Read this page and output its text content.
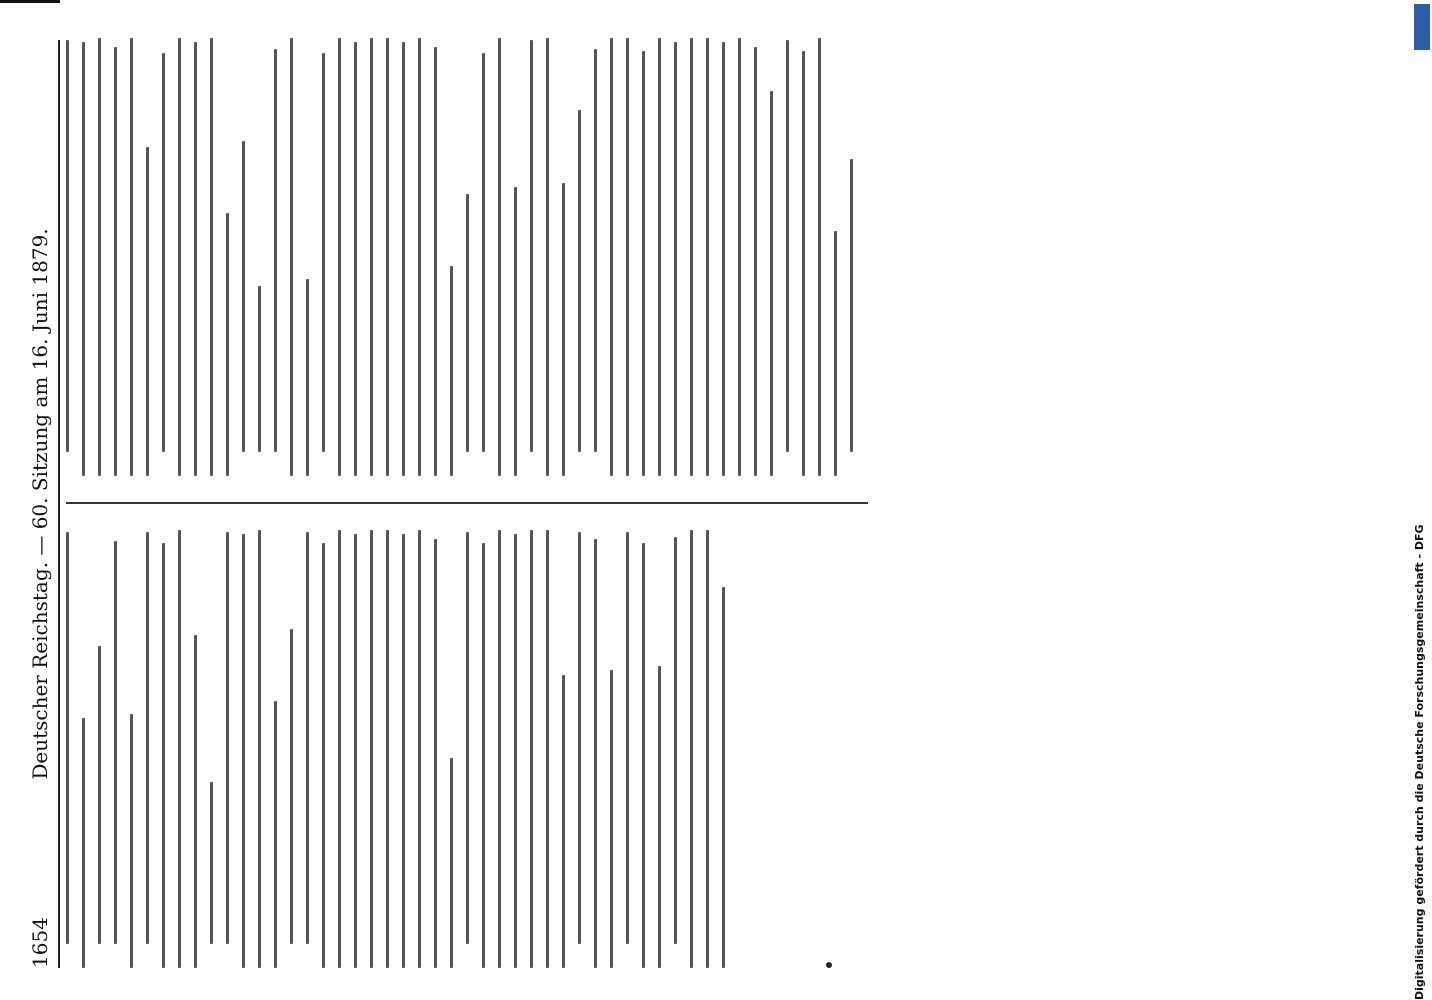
1654
Deutscher Reichstag. — 60. Sitzung am 16. Juni 1879.	Digitalisierung gefördert durch die Deutsche Forschungsgemeinschaft - DFG
